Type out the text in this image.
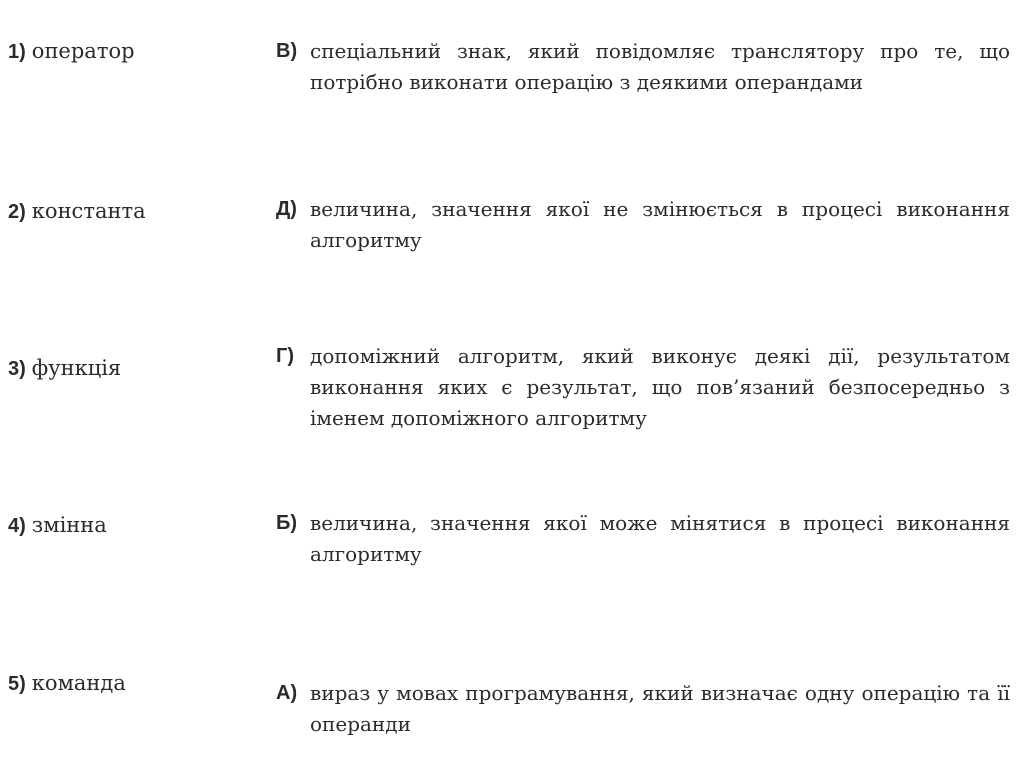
1) оператор	В) спеціальний знак, який повідомляє транслятору про те, що потрібно виконати операцію з деякими операндами
2) константа	Д) величина, значення якої не змінюється в процесі виконання алгоритму
3) функція	Г) допоміжний алгоритм, який виконує деякі дії, результатом виконання яких є результат, що пов’язаний безпосередньо з іменем допоміжного алгоритму
4) змінна	Б) величина, значення якої може мінятися в процесі виконання алгоритму
5) команда	А) вираз у мовах програмування, який визначає одну операцію та її операнди
